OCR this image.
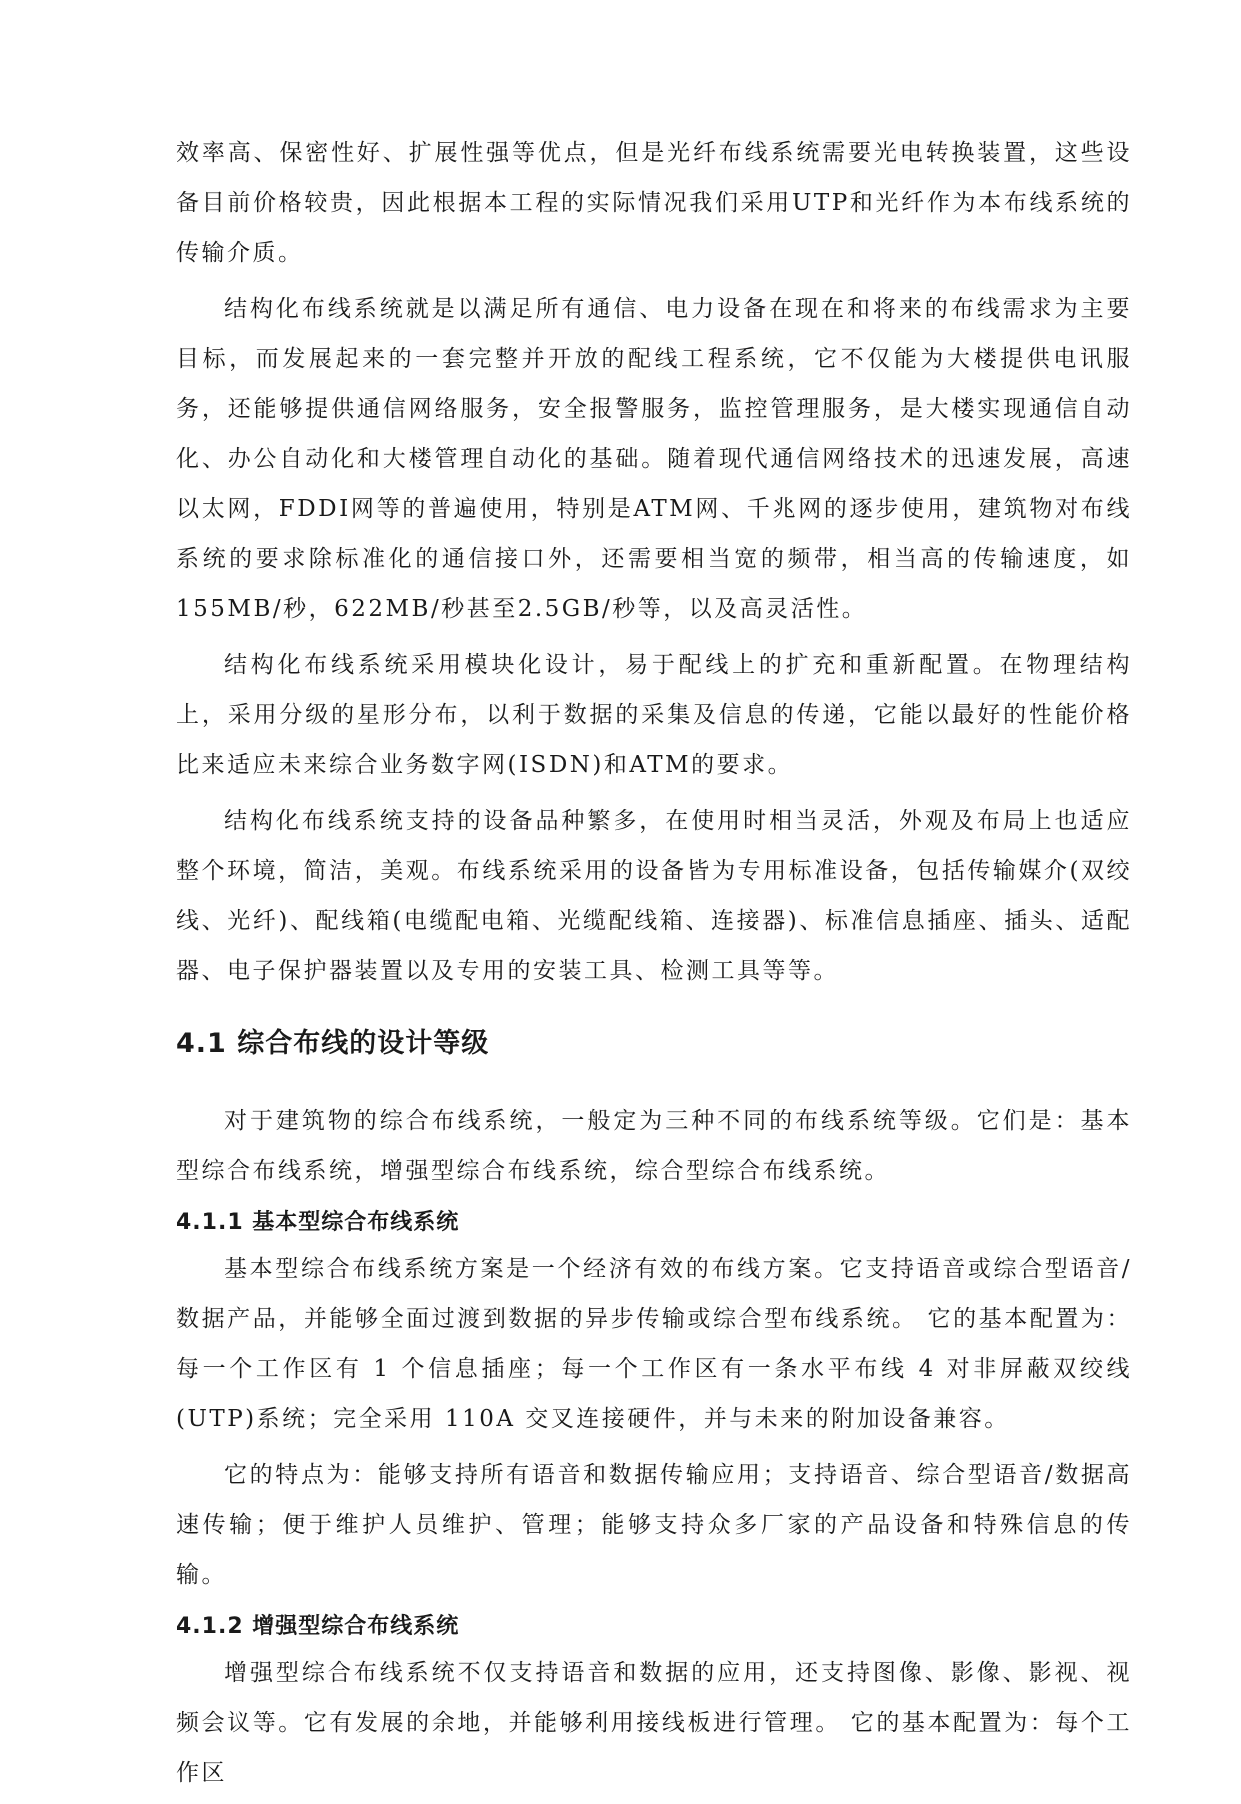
效率高、保密性好、扩展性强等优点，但是光纤布线系统需要光电转换装置，这些设备目前价格较贵，因此根据本工程的实际情况我们采用UTP和光纤作为本布线系统的传输介质。

结构化布线系统就是以满足所有通信、电力设备在现在和将来的布线需求为主要目标，而发展起来的一套完整并开放的配线工程系统，它不仅能为大楼提供电讯服务，还能够提供通信网络服务，安全报警服务，监控管理服务，是大楼实现通信自动化、办公自动化和大楼管理自动化的基础。随着现代通信网络技术的迅速发展，高速以太网，FDDI网等的普遍使用，特别是ATM网、千兆网的逐步使用，建筑物对布线系统的要求除标准化的通信接口外，还需要相当宽的频带，相当高的传输速度，如155MB/秒，622MB/秒甚至2.5GB/秒等，以及高灵活性。

结构化布线系统采用模块化设计，易于配线上的扩充和重新配置。在物理结构上，采用分级的星形分布，以利于数据的采集及信息的传递，它能以最好的性能价格比来适应未来综合业务数字网(ISDN)和ATM的要求。

结构化布线系统支持的设备品种繁多，在使用时相当灵活，外观及布局上也适应整个环境，简洁，美观。布线系统采用的设备皆为专用标准设备，包括传输媒介(双绞线、光纤)、配线箱(电缆配电箱、光缆配线箱、连接器)、标准信息插座、插头、适配器、电子保护器装置以及专用的安装工具、检测工具等等。

4.1 综合布线的设计等级

对于建筑物的综合布线系统，一般定为三种不同的布线系统等级。它们是：基本型综合布线系统，增强型综合布线系统，综合型综合布线系统。

4.1.1 基本型综合布线系统

基本型综合布线系统方案是一个经济有效的布线方案。它支持语音或综合型语音/数据产品，并能够全面过渡到数据的异步传输或综合型布线系统。 它的基本配置为：每一个工作区有 1 个信息插座；每一个工作区有一条水平布线 4 对非屏蔽双绞线(UTP)系统；完全采用 110A 交叉连接硬件，并与未来的附加设备兼容。

它的特点为：能够支持所有语音和数据传输应用；支持语音、综合型语音/数据高速传输；便于维护人员维护、管理；能够支持众多厂家的产品设备和特殊信息的传输。

4.1.2 增强型综合布线系统

增强型综合布线系统不仅支持语音和数据的应用，还支持图像、影像、影视、视频会议等。它有发展的余地，并能够利用接线板进行管理。 它的基本配置为：每个工作区
